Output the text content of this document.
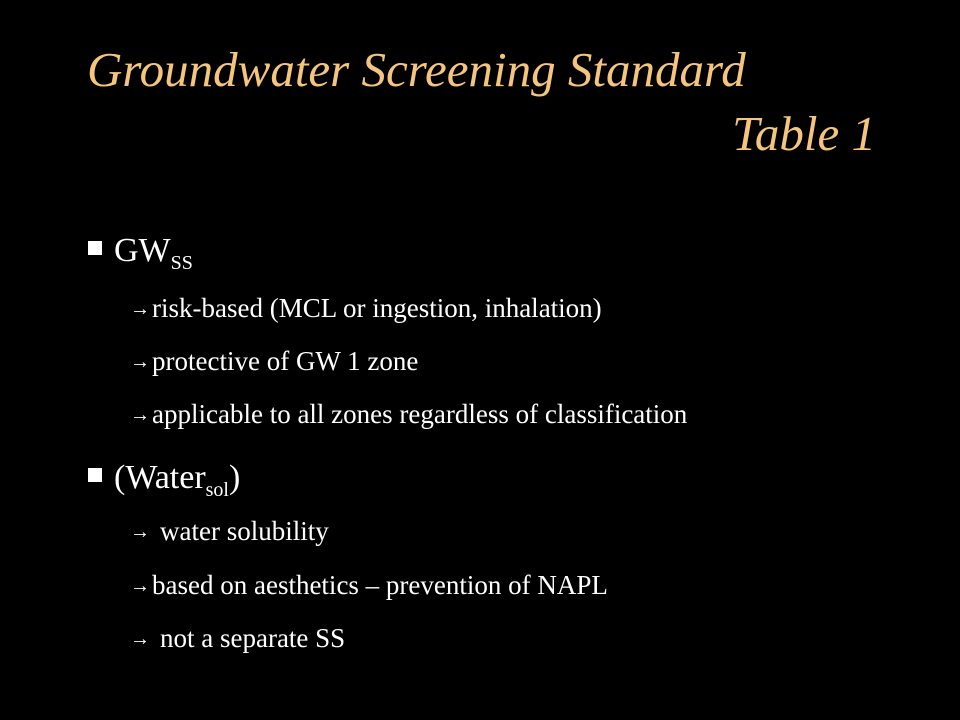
Groundwater Screening Standard
Table 1
$GW_{SS}$
→risk-based (MCL or ingestion, inhalation)
→protective of GW 1 zone
→applicable to all zones regardless of classification
(Water$_{sol}$)
→ water solubility
→based on aesthetics – prevention of NAPL
→ not a separate SS
